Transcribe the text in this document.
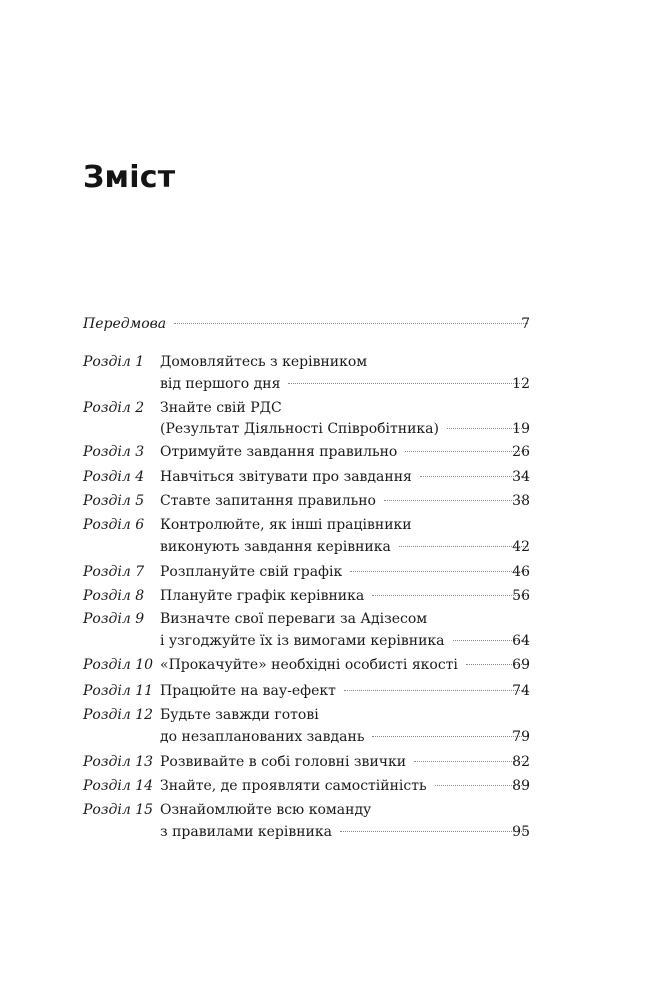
Зміст
Передмова	7
Розділ 1 Домовляйтесь з керівником
від першого дня	12
Розділ 2 Знайте свій РДС
(Результат Діяльності Співробітника)	19
Розділ 3 Отримуйте завдання правильно	26
Розділ 4 Навчіться звітувати про завдання	34
Розділ 5 Ставте запитання правильно	38
Розділ 6 Контролюйте, як інші працівники
виконують завдання керівника	42
Розділ 7 Розплануйте свій графік	46
Розділ 8 Плануйте графік керівника	56
Розділ 9 Визначте свої переваги за Адізесом
і узгоджуйте їх із вимогами керівника	64
Розділ 10 «Прокачуйте» необхідні особисті якості	69
Розділ 11 Працюйте на вау-ефект	74
Розділ 12 Будьте завжди готові
до незапланованих завдань	79
Розділ 13 Розвивайте в собі головні звички	82
Розділ 14 Знайте, де проявляти самостійність	89
Розділ 15 Ознайомлюйте всю команду
з правилами керівника	95
